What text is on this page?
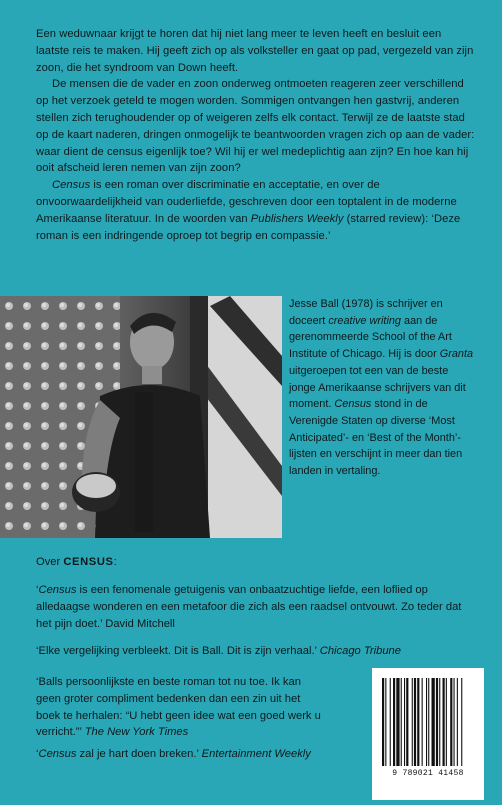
Een weduwnaar krijgt te horen dat hij niet lang meer te leven heeft en besluit een laatste reis te maken. Hij geeft zich op als volksteller en gaat op pad, vergezeld van zijn zoon, die het syndroom van Down heeft.

De mensen die de vader en zoon onderweg ontmoeten reageren zeer verschillend op het verzoek geteld te mogen worden. Sommigen ontvangen hen gastvrij, anderen stellen zich terughoudender op of weigeren zelfs elk contact. Terwijl ze de laatste stad op de kaart naderen, dringen onmogelijk te beantwoorden vragen zich op aan de vader: waar dient de census eigenlijk toe? Wil hij er wel medeplichtig aan zijn? En hoe kan hij ooit afscheid leren nemen van zijn zoon?

Census is een roman over discriminatie en acceptatie, en over de onvoorwaardelijkheid van ouderliefde, geschreven door een toptalent in de moderne Amerikaanse literatuur. In de woorden van Publishers Weekly (starred review): ‘Deze roman is een indringende oproep tot begrip en compassie.’

Jesse Ball (1978) is schrijver en doceert creative writing aan de gerenommeerde School of the Art Institute of Chicago. Hij is door Granta uitgeroepen tot een van de beste jonge Amerikaanse schrijvers van dit moment. Census stond in de Verenigde Staten op diverse ‘Most Anticipated’- en ‘Best of the Month’-lijsten en verschijnt in meer dan tien landen in vertaling.

Over CENSUS:

‘Census is een fenomenale getuigenis van onbaatzuchtige liefde, een loflied op alledaagse wonderen en een metafoor die zich als een raadsel ontvouwt. Zo teder dat het pijn doet.’ David Mitchell

‘Elke vergelijking verbleekt. Dit is Ball. Dit is zijn verhaal.’ Chicago Tribune

‘Balls persoonlijkste en beste roman tot nu toe. Ik kan geen groter compliment bedenken dan een zin uit het boek te herhalen: “U hebt geen idee wat een goed werk u verricht.”’ The New York Times

‘Census zal je hart doen breken.’ Entertainment Weekly

9 789021 41458
